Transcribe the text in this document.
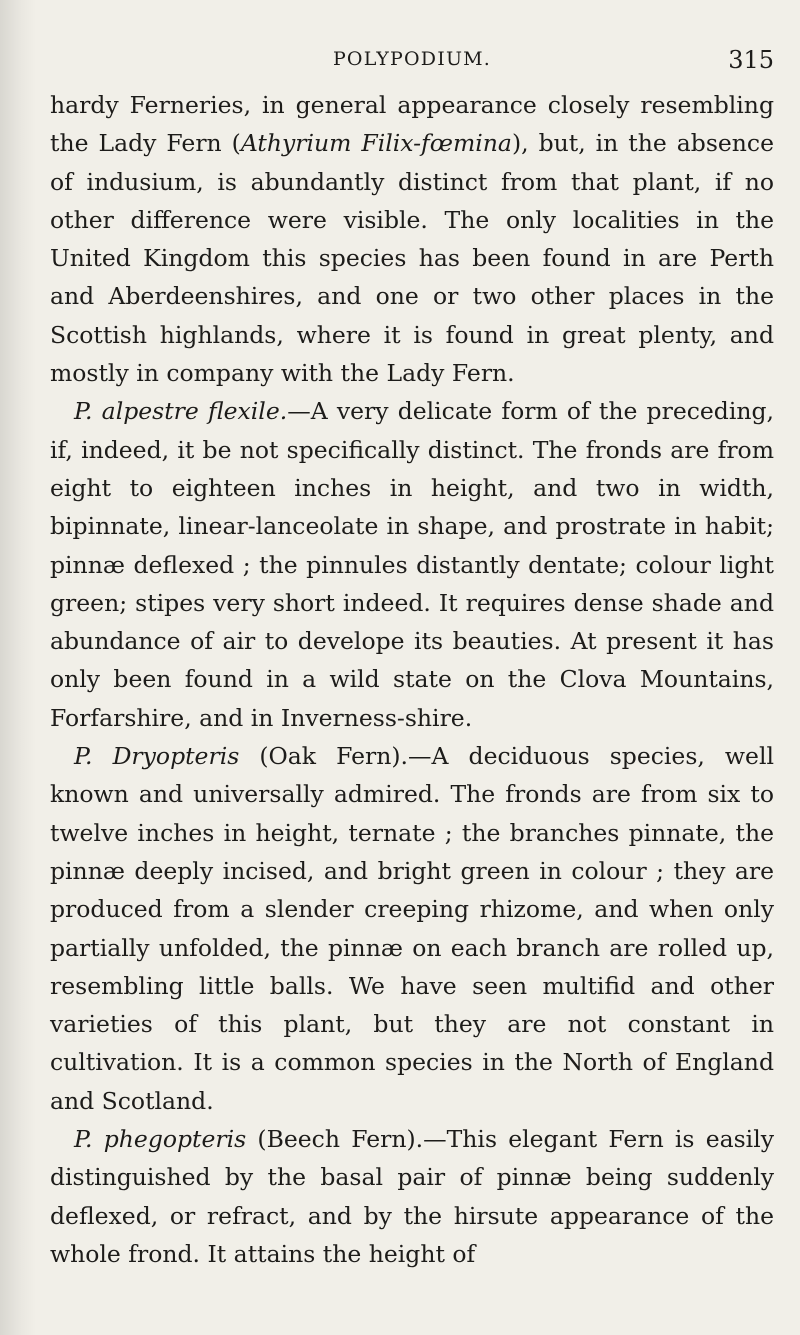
POLYPODIUM.	315

hardy Ferneries, in general appearance closely resembling the Lady Fern (Athyrium Filix-fœmina), but, in the absence of indusium, is abundantly distinct from that plant, if no other difference were visible. The only localities in the United Kingdom this species has been found in are Perth and Aberdeenshires, and one or two other places in the Scottish highlands, where it is found in great plenty, and mostly in company with the Lady Fern.

P. alpestre flexile.—A very delicate form of the preceding, if, indeed, it be not specifically distinct. The fronds are from eight to eighteen inches in height, and two in width, bipinnate, linear-lanceolate in shape, and prostrate in habit; pinnæ deflexed ; the pinnules distantly dentate; colour light green; stipes very short indeed. It requires dense shade and abundance of air to develope its beauties. At present it has only been found in a wild state on the Clova Mountains, Forfarshire, and in Inverness-shire.

P. Dryopteris (Oak Fern).—A deciduous species, well known and universally admired. The fronds are from six to twelve inches in height, ternate ; the branches pinnate, the pinnæ deeply incised, and bright green in colour ; they are produced from a slender creeping rhizome, and when only partially unfolded, the pinnæ on each branch are rolled up, resembling little balls. We have seen multifid and other varieties of this plant, but they are not constant in cultivation. It is a common species in the North of England and Scotland.

P. phegopteris (Beech Fern).—This elegant Fern is easily distinguished by the basal pair of pinnæ being suddenly deflexed, or refract, and by the hirsute appearance of the whole frond. It attains the height of
